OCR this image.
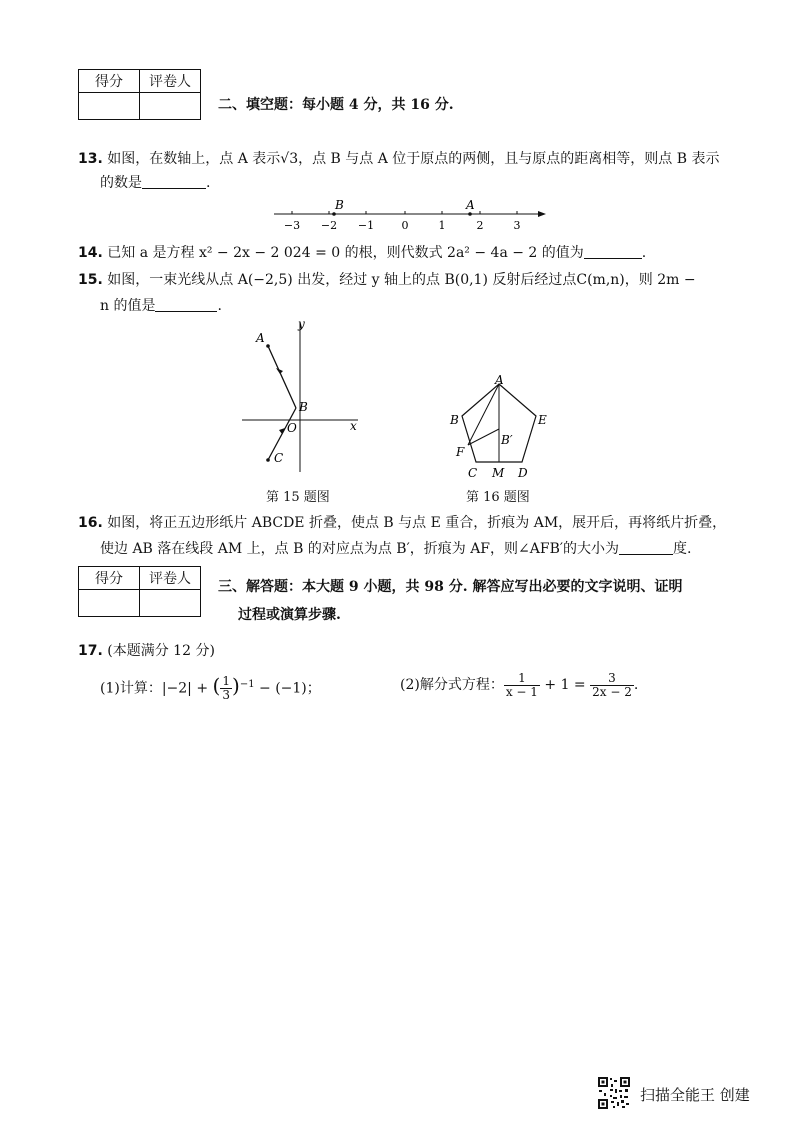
得分	评卷人

二、填空题：每小题 4 分，共 16 分.
13. 如图，在数轴上，点 A 表示√3，点 B 与点 A 位于原点的两侧，且与原点的距离相等，则点 B 表示
的数是	.
B	A
−3 −2 −1 0	1	2	3
14. 已知 a 是方程 x² − 2x − 2 024 = 0 的根，则代数式 2a² − 4a − 2 的值为	.
15. 如图，一束光线从点 A(−2,5) 出发，经过 y 轴上的点 B(0,1) 反射后经过点C(m,n)，则 2m −
n 的值是	.
A
B
O
C
x
y
第 15 题图
A
B	E
F
B′
C M D
第 16 题图
16. 如图，将正五边形纸片 ABCDE 折叠，使点 B 与点 E 重合，折痕为 AM，展开后，再将纸片折叠，
使边 AB 落在线段 AM 上，点 B 的对应点为点 B′，折痕为 AF，则∠AFB′的大小为	度.
得分	评卷人
	三、解答题：本大题 9 小题，共 98 分. 解答应写出必要的文字说明、证明
过程或演算步骤.
17. (本题满分 12 分)
(1)计算：|−2| + ( $\frac{1}{3} )^{-1} - (-1)$；	(2)解分式方程： $\frac{1}{x - 1} + 1 = \frac{3}{2x - 2}$ .
扫描全能王 创建
